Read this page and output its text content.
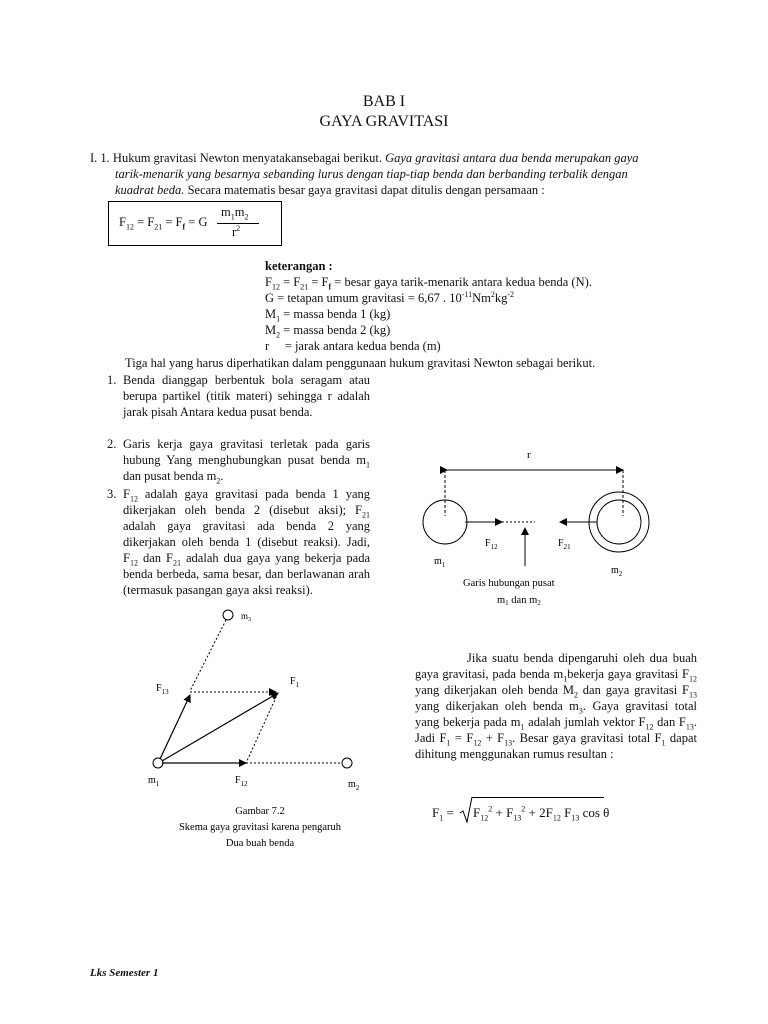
BAB I
GAYA GRAVITASI
I. 1. Hukum gravitasi Newton menyatakansebagai berikut. Gaya gravitasi antara dua benda merupakan gaya
tarik-menarik yang besarnya sebanding lurus dengan tiap-tiap benda dan berbanding terbalik dengan
kuadrat beda. Secara matematis besar gaya gravitasi dapat ditulis dengan persamaan :
$F_{12} = F_{21} = F_f = G$
$m_1m_2$
$r^2$
keterangan :
$F_{12} = F_{21} = F_f$ = besar gaya tarik-menarik antara kedua benda (N).
G = tetapan umum gravitasi = 6,67 . $10^{-11}Nm^2kg^{-2}$
$M_1$ = massa benda 1 (kg)
$M_2$ = massa benda 2 (kg)
r     = jarak antara kedua benda (m)
Tiga hal yang harus diperhatikan dalam penggunaan hukum gravitasi Newton sebagai berikut.
1. Benda dianggap berbentuk bola seragam atau berupa partikel (titik materi) sehingga r adalah jarak pisah Antara kedua pusat benda.
2. Garis kerja gaya gravitasi terletak pada garis hubung Yang menghubungkan pusat benda $m_1$ dan pusat benda $m_2$.
3. $F_{12}$ adalah gaya gravitasi pada benda 1 yang dikerjakan oleh benda 2 (disebut aksi); $F_{21}$ adalah gaya gravitasi ada benda 2 yang dikerjakan oleh benda 1 (disebut reaksi). Jadi, $F_{12}$ dan $F_{21}$ adalah dua gaya yang bekerja pada benda berbeda, sama besar, dan berlawanan arah (termasuk pasangan gaya aksi reaksi).
r
$F_{12}$	$F_{21}$
$m_1$	$m_2$
Garis hubungan pusat
m1 dan m2
$m_3$
$F_{13}$
$F_1$
$m_1$	$F_{12}$	$m_2$
Gambar 7.2
Skema gaya gravitasi karena pengaruh
Dua buah benda
Jika suatu benda dipengaruhi oleh dua buah gaya gravitasi, pada benda $m_1bekerja$ gaya gravitasi $F_{12}$ yang dikerjakan oleh benda $M_2$ dan gaya gravitasi $F_{13}$ yang dikerjakan oleh benda $m_3$. Gaya gravitasi total yang bekerja pada $m_1$ adalah jumlah vektor $F_{12}$ dan $F_{13}$. Jadi $F_1 = F_{12} + F_{13}$. Besar gaya gravitasi total $F_1$ dapat dihitung menggunakan rumus resultan :
$F_1 = F_{12}^2 + F_{13}^2 + 2F_{12}$ $F_{13}$ cos θ
Lks Semester 1
